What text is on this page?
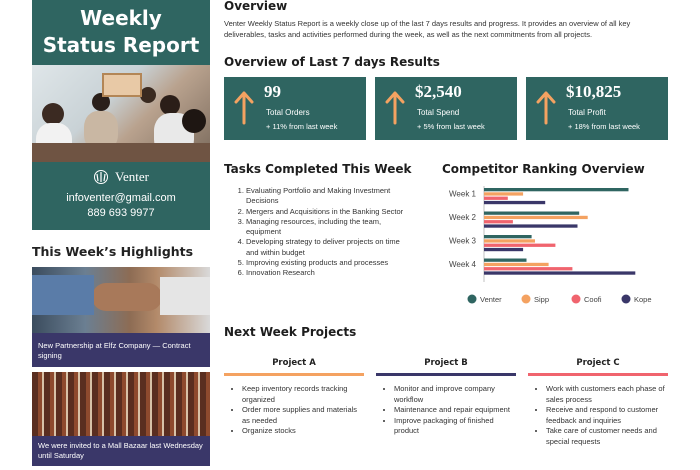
Weekly
Status Report
Venter
infoventer@gmail.com
889 693 9977
This Week’s Highlights
New Partnership at Elfz Company — Contract signing
We were invited to a Mall Bazaar last Wednesday until Saturday
Overview

Venter Weekly Status Report is a weekly close up of the last 7 days results and progress. It provides an overview of all key deliverables, tasks and activities performed during the week, as well as the next commitments from all projects.

Overview of Last 7 days Results
99
Total Orders
+ 11% from last week
$2,540
Total Spend
+ 5% from last week
$10,825
Total Profit
+ 18% from last week
Tasks Completed This Week
1. Evaluating Portfolio and Making Investment Decisions
2. Mergers and Acquisitions in the Banking Sector
3. Managing resources, including the team, equipment
4. Developing strategy to deliver projects on time and within budget
5. Improving existing products and processes
6. Innovation Research
Competitor Ranking Overview
Week 1
Week 2
Week 3
Week 4
Venter	Sipp	Coofi	Kope
Next Week Projects
Project A
• Keep inventory records tracking organized
• Order more supplies and materials as needed
• Organize stocks
Project B
• Monitor and improve company workflow
• Maintenance and repair equipment
• Improve packaging of finished product
Project C
• Work with customers each phase of sales process
• Receive and respond to customer feedback and inquiries
• Take care of customer needs and special requests
